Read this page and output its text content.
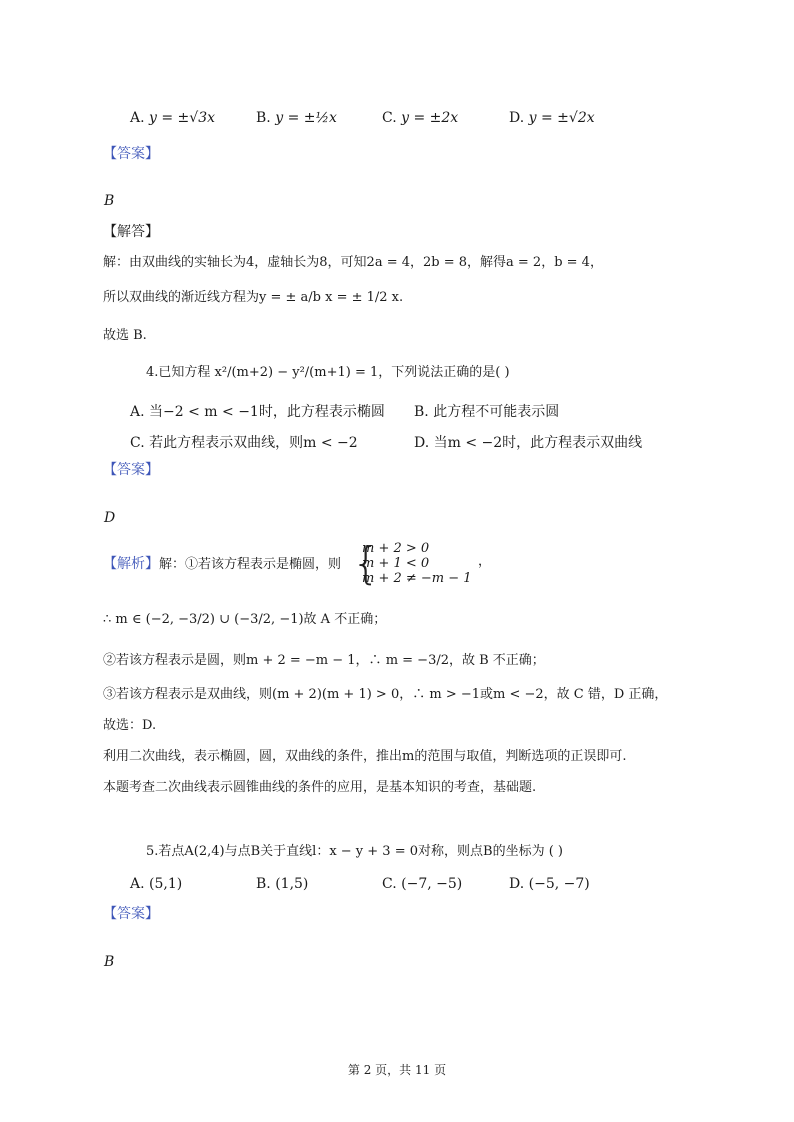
A. y = ±√3x	B. y = ±½x	C. y = ±2x	D. y = ±√2x
【答案】
B
【解答】
解：由双曲线的实轴长为4，虚轴长为8，可知2a = 4，2b = 8，解得a = 2，b = 4，
所以双曲线的渐近线方程为y = ± a/b x = ± 1/2 x.
故选 B.
4.已知方程 x²/(m+2) − y²/(m+1) = 1，下列说法正确的是( )
A. 当−2 < m < −1时，此方程表示椭圆 B. 此方程不可能表示圆
C. 若此方程表示双曲线，则m < −2	D. 当m < −2时，此方程表示双曲线
【答案】
D
【解析】解：①若该方程表示是椭圆，则 {
m + 2 > 0
m + 1 < 0
m + 2 ≠ −m − 1
，
∴ m ∈ (−2, −3/2) ∪ (−3/2, −1)故 A 不正确；
②若该方程表示是圆，则m + 2 = −m − 1，∴ m = −3/2，故 B 不正确；
③若该方程表示是双曲线，则(m + 2)(m + 1) > 0，∴ m > −1或m < −2，故 C 错，D 正确，
故选：D.
利用二次曲线，表示椭圆，圆，双曲线的条件，推出m的范围与取值，判断选项的正误即可.
本题考查二次曲线表示圆锥曲线的条件的应用，是基本知识的考查，基础题.
5.若点A(2,4)与点B关于直线l：x − y + 3 = 0对称，则点B的坐标为 ( )
A. (5,1)	B. (1,5)	C. (−7, −5)	D. (−5, −7)
【答案】
B
第 2 页，共 11 页
